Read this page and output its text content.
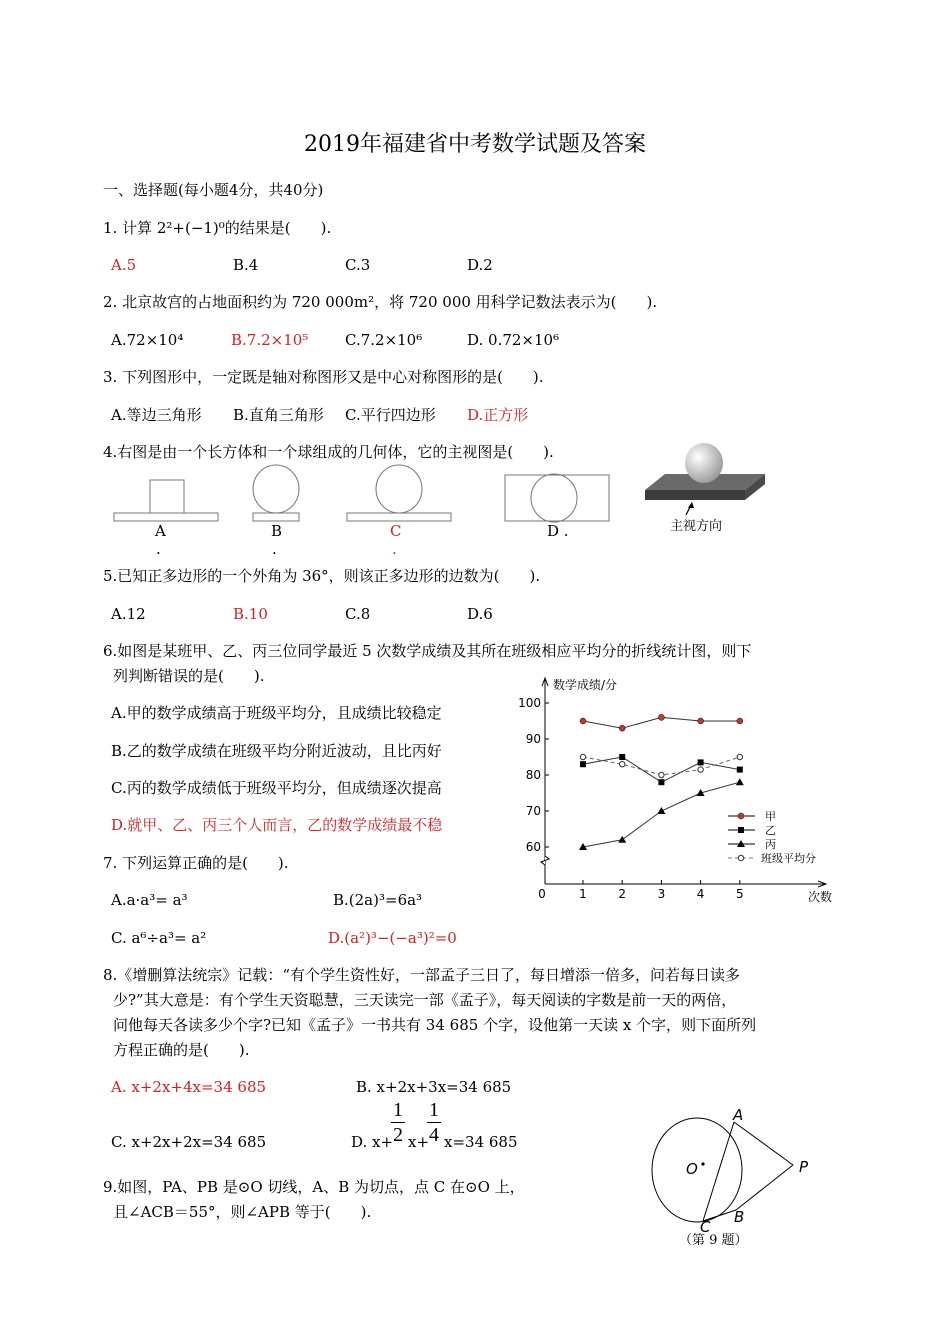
2019年福建省中考数学试题及答案
一、选择题(每小题4分，共40分)
1. 计算 2²+(−1)⁰的结果是(　　).
A.5	B.4	C.3	D.2
2. 北京故宫的占地面积约为 720 000m²，将 720 000 用科学记数法表示为(　　).
A.72×10⁴	B.7.2×10⁵ C.7.2×10⁶	D. 0.72×10⁶
3. 下列图形中，一定既是轴对称图形又是中心对称图形的是(　　).
A.等边三角形 B.直角三角形 C.平行四边形 D.正方形
4.右图是由一个长方体和一个球组成的几何体，它的主视图是(　　).
A	B	C	D .
.	.	.
主视方向
5.已知正多边形的一个外角为 36°，则该正多边形的边数为(　　).
A.12	B.10	C.8	D.6
6.如图是某班甲、乙、丙三位同学最近 5 次数学成绩及其所在班级相应平均分的折线统计图，则下
列判断错误的是(　　).
A.甲的数学成绩高于班级平均分，且成绩比较稳定
B.乙的数学成绩在班级平均分附近波动，且比丙好
C.丙的数学成绩低于班级平均分，但成绩逐次提高
D.就甲、乙、丙三个人而言，乙的数学成绩最不稳
数学成绩/分
次数
60
70
80
90
100
0	1	2	3	4	5
甲
乙
丙
班级平均分
7. 下列运算正确的是(　　).
A.a·a³= a³	B.(2a)³=6a³
C. a⁶÷a³= a²	D.(a²)³−(−a³)²=0
8.《增删算法统宗》记载：“有个学生资性好，一部孟子三日了，每日增添一倍多，问若每日读多
少?”其大意是：有个学生天资聪慧，三天读完一部《孟子》，每天阅读的字数是前一天的两倍，
问他每天各读多少个字?已知《孟子》一书共有 34 685 个字，设他第一天读 x 个字，则下面所列
方程正确的是(　　).
A. x+2x+4x=34 685	B. x+2x+3x=34 685
C. x+2x+2x=34 685	D. x+
1
2 x+
1
4 x=34 685
9.如图，PA、PB 是⊙O 切线，A、B 为切点，点 C 在⊙O 上，
且∠ACB＝55°，则∠APB 等于(　　).
A
O	P
B
C
（第 9 题）
